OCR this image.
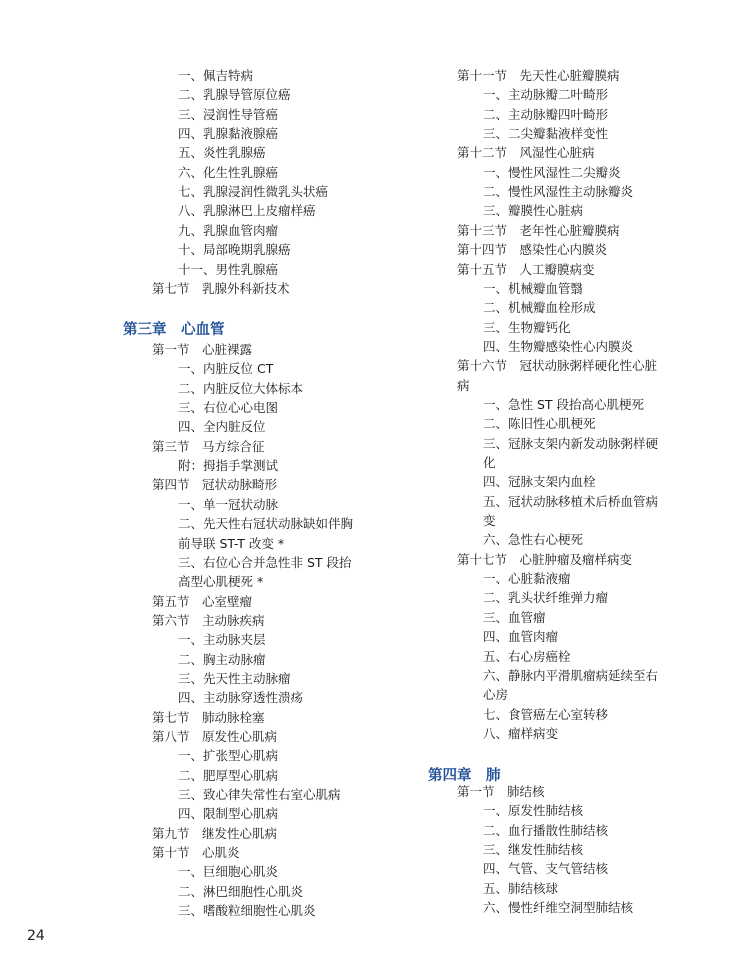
一、佩吉特病
二、乳腺导管原位癌
三、浸润性导管癌
四、乳腺黏液腺癌
五、炎性乳腺癌
六、化生性乳腺癌
七、乳腺浸润性微乳头状癌
八、乳腺淋巴上皮瘤样癌
九、乳腺血管肉瘤
十、局部晚期乳腺癌
十一、男性乳腺癌
第七节　乳腺外科新技术
第三章　心血管
第一节　心脏裸露
一、内脏反位 CT
二、内脏反位大体标本
三、右位心心电图
四、全内脏反位
第三节　马方综合征
附：拇指手掌测试
第四节　冠状动脉畸形
一、单一冠状动脉
二、先天性右冠状动脉缺如伴胸
前导联 ST-T 改变 *
三、右位心合并急性非 ST 段抬
高型心肌梗死 *
第五节　心室壁瘤
第六节　主动脉疾病
一、主动脉夹层
二、胸主动脉瘤
三、先天性主动脉瘤
四、主动脉穿透性溃疡
第七节　肺动脉栓塞
第八节　原发性心肌病
一、扩张型心肌病
二、肥厚型心肌病
三、致心律失常性右室心肌病
四、限制型心肌病
第九节　继发性心肌病
第十节　心肌炎
一、巨细胞心肌炎
二、淋巴细胞性心肌炎
三、嗜酸粒细胞性心肌炎
第十一节　先天性心脏瓣膜病
一、主动脉瓣二叶畸形
二、主动脉瓣四叶畸形
三、二尖瓣黏液样变性
第十二节　风湿性心脏病
一、慢性风湿性二尖瓣炎
二、慢性风湿性主动脉瓣炎
三、瓣膜性心脏病
第十三节　老年性心脏瓣膜病
第十四节　感染性心内膜炎
第十五节　人工瓣膜病变
一、机械瓣血管翳
二、机械瓣血栓形成
三、生物瓣钙化
四、生物瓣感染性心内膜炎
第十六节　冠状动脉粥样硬化性心脏
病
一、急性 ST 段抬高心肌梗死
二、陈旧性心肌梗死
三、冠脉支架内新发动脉粥样硬
化
四、冠脉支架内血栓
五、冠状动脉移植术后桥血管病
变
六、急性右心梗死
第十七节　心脏肿瘤及瘤样病变
一、心脏黏液瘤
二、乳头状纤维弹力瘤
三、血管瘤
四、血管肉瘤
五、右心房癌栓
六、静脉内平滑肌瘤病延续至右
心房
七、食管癌左心室转移
八、瘤样病变
第四章　肺
第一节　肺结核
一、原发性肺结核
二、血行播散性肺结核
三、继发性肺结核
四、气管、支气管结核
五、肺结核球
六、慢性纤维空洞型肺结核
24
